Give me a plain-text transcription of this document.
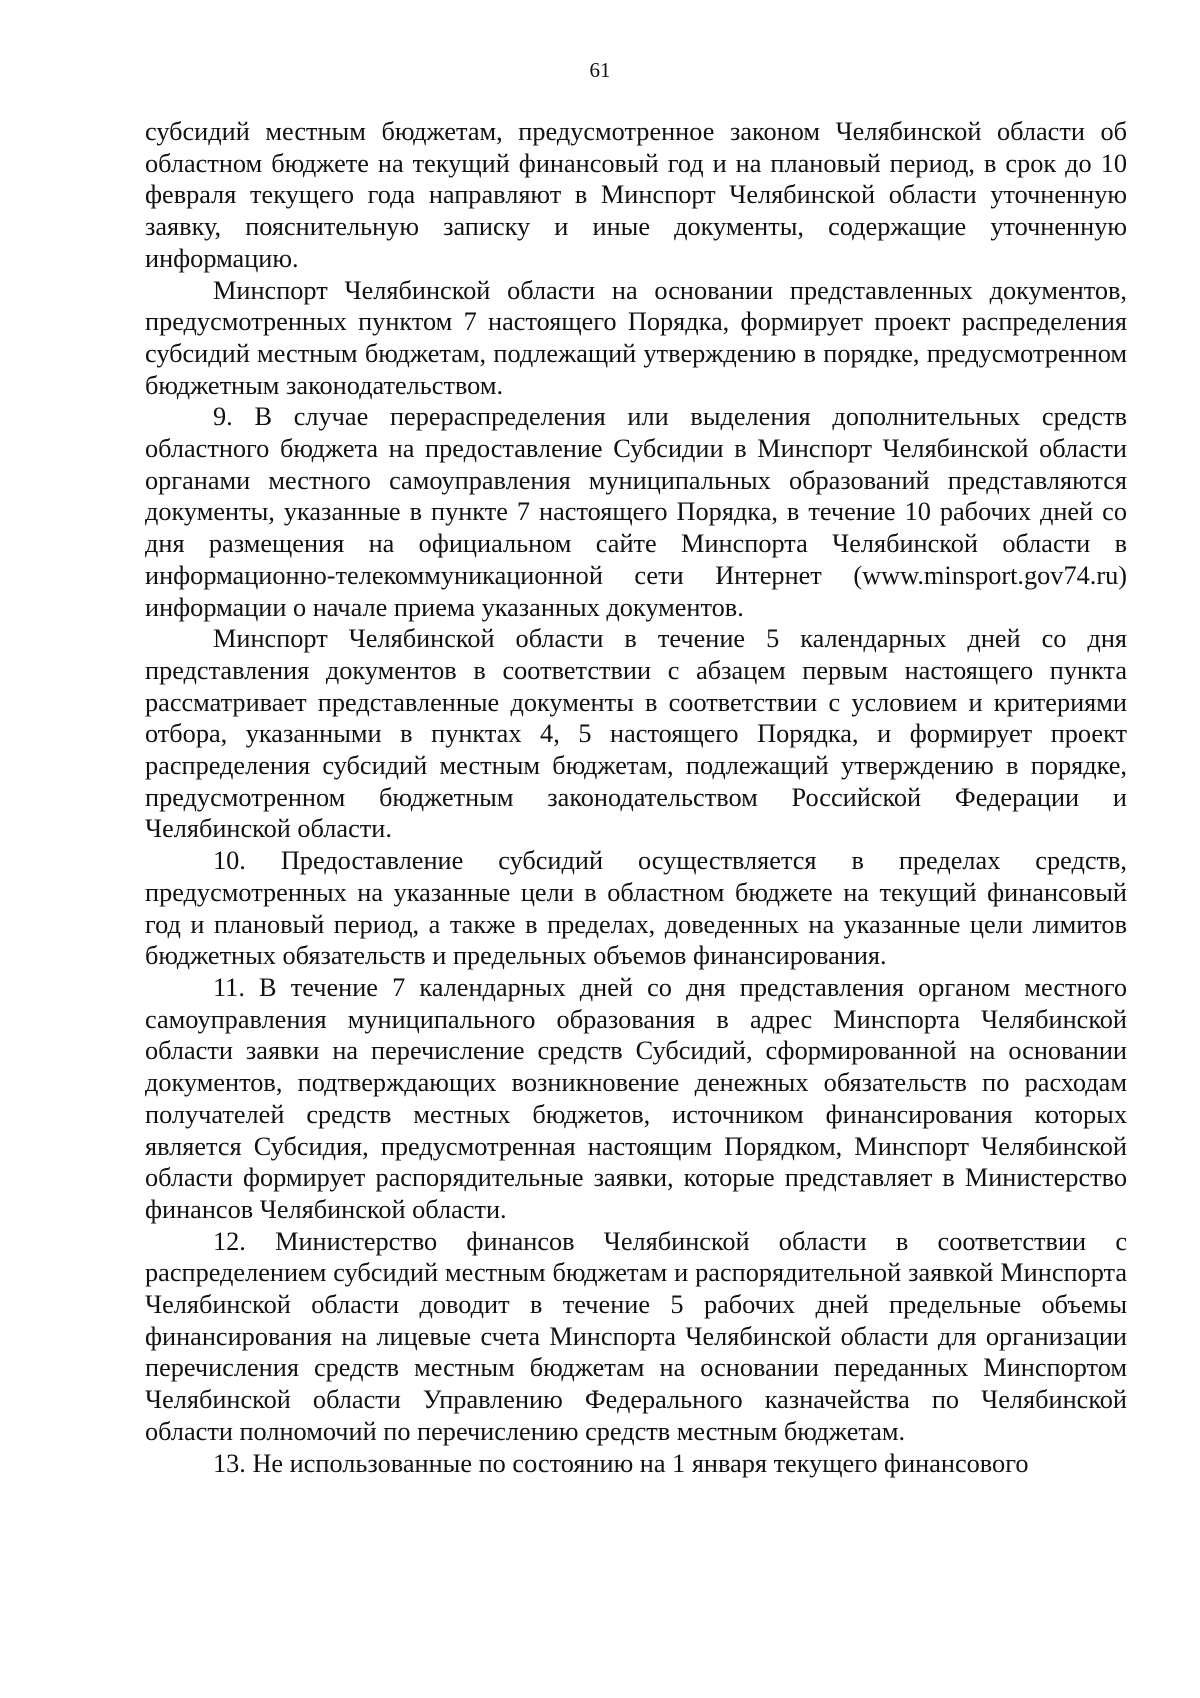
61

субсидий местным бюджетам, предусмотренное законом Челябинской области об областном бюджете на текущий финансовый год и на плановый период, в срок до 10 февраля текущего года направляют в Минспорт Челябинской области уточненную заявку, пояснительную записку и иные документы, содержащие уточненную информацию.

Минспорт Челябинской области на основании представленных документов, предусмотренных пунктом 7 настоящего Порядка, формирует проект распределения субсидий местным бюджетам, подлежащий утверждению в порядке, предусмотренном бюджетным законодательством.

9. В случае перераспределения или выделения дополнительных средств областного бюджета на предоставление Субсидии в Минспорт Челябинской области органами местного самоуправления муниципальных образований представляются документы, указанные в пункте 7 настоящего Порядка, в течение 10 рабочих дней со дня размещения на официальном сайте Минспорта Челябинской области в информационно-телекоммуникационной сети Интернет (www.minsport.gov74.ru) информации о начале приема указанных документов.

Минспорт Челябинской области в течение 5 календарных дней со дня представления документов в соответствии с абзацем первым настоящего пункта рассматривает представленные документы в соответствии с условием и критериями отбора, указанными в пунктах 4, 5 настоящего Порядка, и формирует проект распределения субсидий местным бюджетам, подлежащий утверждению в порядке, предусмотренном бюджетным законодательством Российской Федерации и Челябинской области.

10. Предоставление субсидий осуществляется в пределах средств, предусмотренных на указанные цели в областном бюджете на текущий финансовый год и плановый период, а также в пределах, доведенных на указанные цели лимитов бюджетных обязательств и предельных объемов финансирования.

11. В течение 7 календарных дней со дня представления органом местного самоуправления муниципального образования в адрес Минспорта Челябинской области заявки на перечисление средств Субсидий, сформированной на основании документов, подтверждающих возникновение денежных обязательств по расходам получателей средств местных бюджетов, источником финансирования которых является Субсидия, предусмотренная настоящим Порядком, Минспорт Челябинской области формирует распорядительные заявки, которые представляет в Министерство финансов Челябинской области.

12. Министерство финансов Челябинской области в соответствии с распределением субсидий местным бюджетам и распорядительной заявкой Минспорта Челябинской области доводит в течение 5 рабочих дней предельные объемы финансирования на лицевые счета Минспорта Челябинской области для организации перечисления средств местным бюджетам на основании переданных Минспортом Челябинской области Управлению Федерального казначейства по Челябинской области полномочий по перечислению средств местным бюджетам.

13. Не использованные по состоянию на 1 января текущего финансового
